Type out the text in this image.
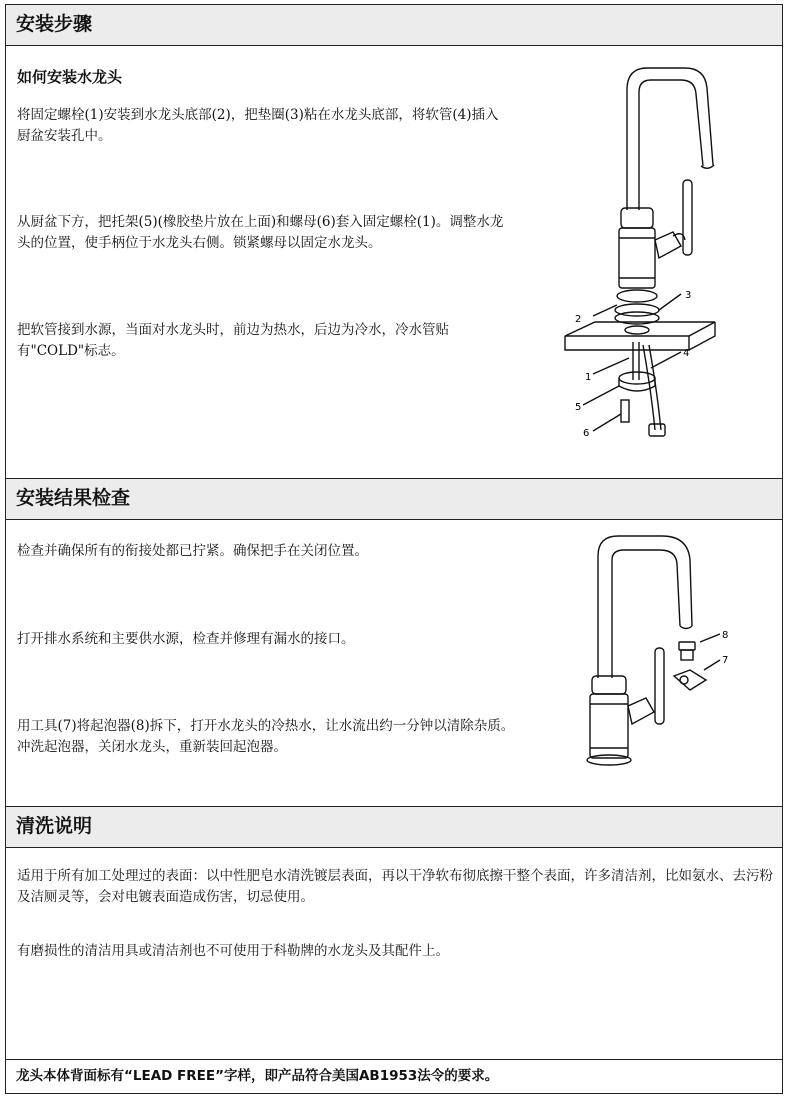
安装步骤
如何安装水龙头
将固定螺栓(1)安装到水龙头底部(2)，把垫圈(3)粘在水龙头底部，将软管(4)插入厨盆安装孔中。
从厨盆下方，把托架(5)(橡胶垫片放在上面)和螺母(6)套入固定螺栓(1)。调整水龙头的位置，使手柄位于水龙头右侧。锁紧螺母以固定水龙头。
把软管接到水源，当面对水龙头时，前边为热水，后边为冷水，冷水管贴有"COLD"标志。
2
3
4
1
5
6
安装结果检查
检查并确保所有的衔接处都已拧紧。确保把手在关闭位置。
打开排水系统和主要供水源，检查并修理有漏水的接口。
用工具(7)将起泡器(8)拆下，打开水龙头的冷热水，让水流出约一分钟以清除杂质。冲洗起泡器，关闭水龙头，重新装回起泡器。
8
7
清洗说明
适用于所有加工处理过的表面：以中性肥皂水清洗镀层表面，再以干净软布彻底擦干整个表面，许多清洁剂，比如氨水、去污粉及洁厕灵等，会对电镀表面造成伤害，切忌使用。
有磨损性的清洁用具或清洁剂也不可使用于科勒牌的水龙头及其配件上。
龙头本体背面标有“LEAD FREE”字样，即产品符合美国AB1953法令的要求。
